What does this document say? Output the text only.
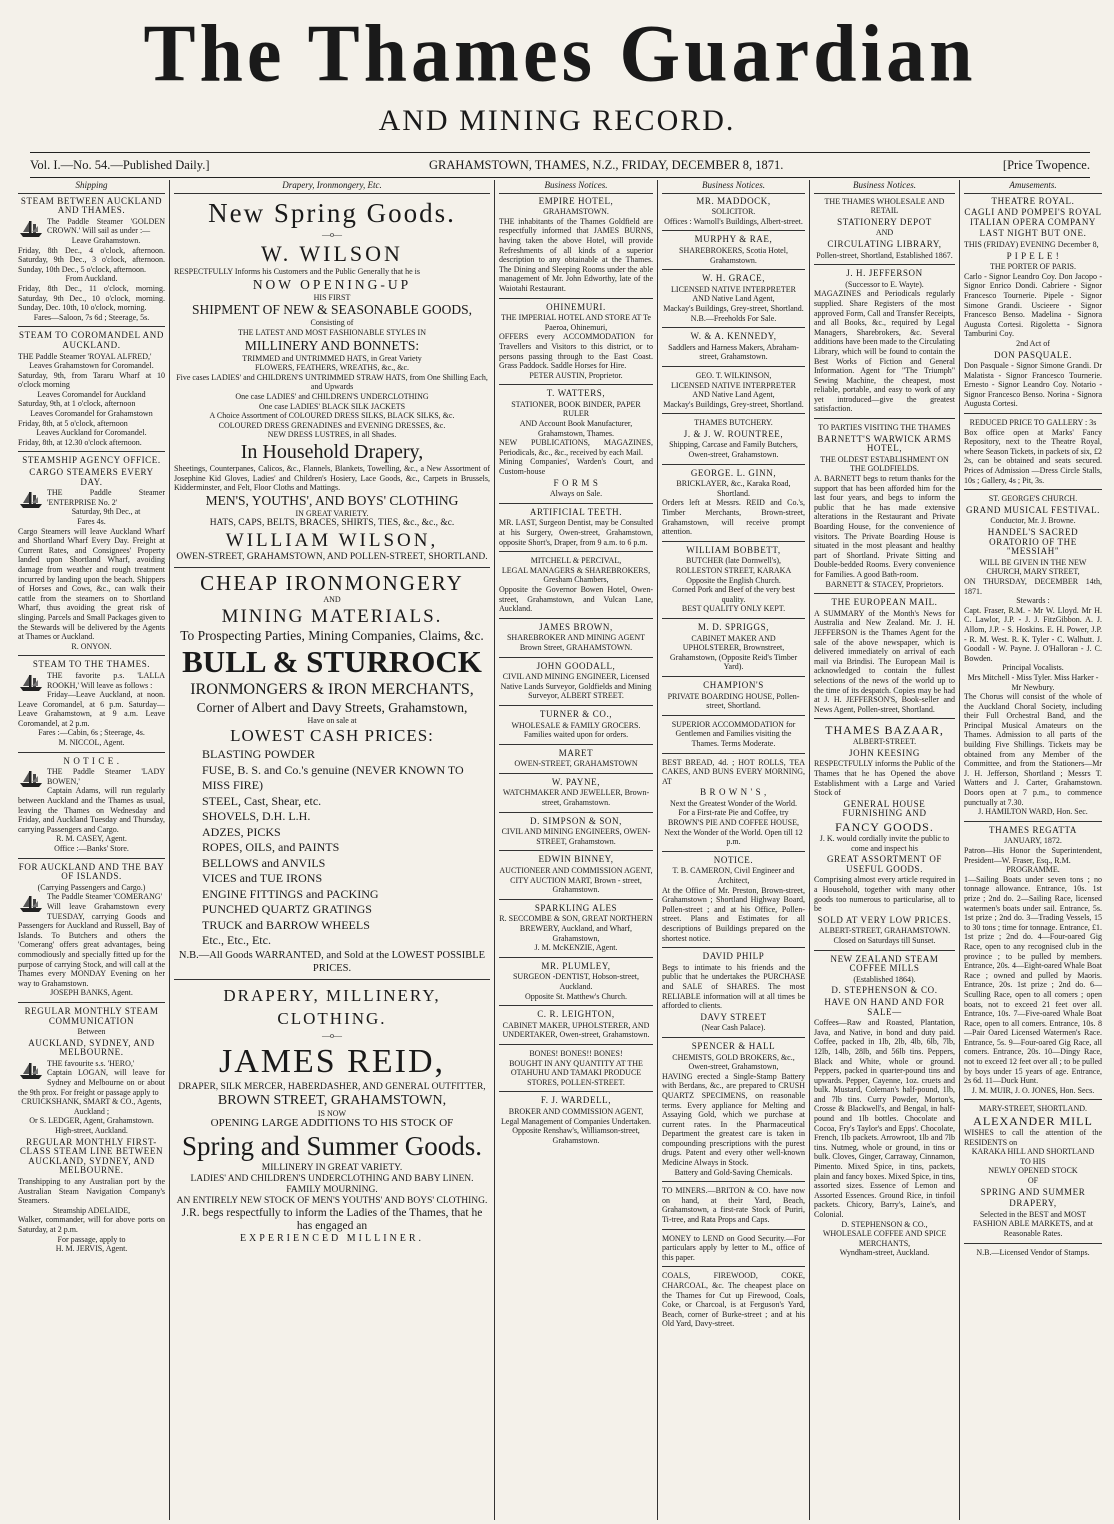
The Thames Guardian
AND MINING RECORD.
Vol. I.—No. 54.—Published Daily.]	GRAHAMSTOWN, THAMES, N.Z., FRIDAY, DECEMBER 8, 1871.	[Price Twopence.
Shipping
STEAM BETWEEN AUCKLAND AND THAMES.
The Paddle Steamer 'GOLDEN CROWN.' Will sail as under :—
Leave Grahamstown.
Friday, 8th Dec., 4 o'clock, afternoon. Saturday, 9th Dec., 3 o'clock, afternoon. Sunday, 10th Dec., 5 o'clock, afternoon.
From Auckland.
Friday, 8th Dec., 11 o'clock, morning. Saturday, 9th Dec., 10 o'clock, morning. Sunday, Dec. 10th, 10 o'clock, morning.
Fares—Saloon, 7s 6d ; Steerage, 5s.
STEAM TO COROMANDEL AND AUCKLAND.
THE Paddle Steamer 'ROYAL ALFRED,'
Leaves Grahamstown for Coromandel.
Saturday, 9th, from Tararu Wharf at 10 o'clock morning
Leaves Coromandel for Auckland
Saturday, 9th, at 1 o'clock, afternoon
Leaves Coromandel for Grahamstown
Friday, 8th, at 5 o'clock, afternoon
Leaves Auckland for Coromandel.
Friday, 8th, at 12.30 o'clock afternoon.
STEAMSHIP AGENCY OFFICE.
CARGO STEAMERS EVERY DAY.
THE Paddle Steamer 'ENTERPRISE No. 2'
Saturday, 9th Dec., at
Fares 4s.
Cargo Steamers will leave Auckland Wharf and Shortland Wharf Every Day. Freight at Current Rates, and Consignees' Property landed upon Shortland Wharf, avoiding damage from weather and rough treatment incurred by landing upon the beach. Shippers of Horses and Cows, &c., can walk their cattle from the steamers on to Shortland Wharf, thus avoiding the great risk of slinging. Parcels and Small Packages given to the Stewards will be delivered by the Agents at Thames or Auckland.
R. ONYON.
STEAM TO THE THAMES.
THE favorite p.s. 'LALLA ROOKH,' Will leave as follows :
Friday—Leave Auckland, at noon. Leave Coromandel, at 6 p.m. Saturday—Leave Grahamstown, at 9 a.m. Leave Coromandel, at 2 p.m.
Fares :—Cabin, 6s ; Steerage, 4s.
M. NICCOL, Agent.
N O T I C E .
THE Paddle Steamer 'LADY BOWEN,'
Captain Adams, will run regularly between Auckland and the Thames as usual, leaving the Thames on Wednesday and Friday, and Auckland Tuesday and Thursday, carrying Passengers and Cargo.
R. M. CASEY, Agent.
Office :—Banks' Store.
FOR AUCKLAND AND THE BAY OF ISLANDS.
(Carrying Passengers and Cargo.)
The Paddle Steamer 'COMERANG'
Will leave Grahamstown every TUESDAY, carrying Goods and Passengers for Auckland and Russell, Bay of Islands. To Butchers and others the 'Comerang' offers great advantages, being commodiously and specially fitted up for the purpose of carrying Stock, and will call at the Thames every MONDAY Evening on her way to Grahamstown.
JOSEPH BANKS, Agent.
REGULAR MONTHLY STEAM COMMUNICATION
Between
AUCKLAND, SYDNEY, AND MELBOURNE.
THE favourite s.s. 'HERO,'
Captain LOGAN, will leave for Sydney and Melbourne on or about the 9th prox. For freight or passage apply to
CRUICKSHANK, SMART & CO., Agents, Auckland ;
Or S. LEDGER, Agent, Grahamstown.
High-street, Auckland.
REGULAR MONTHLY FIRST-CLASS STEAM LINE BETWEEN AUCKLAND, SYDNEY, AND MELBOURNE.
Transhipping to any Australian port by the Australian Steam Navigation Company's Steamers.
Steamship ADELAIDE,
Walker, commander, will for above ports on Saturday, at 2 p.m.
For passage, apply to
H. M. JERVIS, Agent.
Drapery, Ironmongery, Etc.
New Spring Goods.
—o—
W. WILSON
RESPECTFULLY Informs his Customers and the Public Generally that he is
NOW OPENING-UP
HIS FIRST
SHIPMENT OF NEW & SEASONABLE GOODS,
Consisting of
THE LATEST AND MOST FASHIONABLE STYLES IN
MILLINERY AND BONNETS:
TRIMMED and UNTRIMMED HATS, in Great Variety
FLOWERS, FEATHERS, WREATHS, &c., &c.
Five cases LADIES' and CHILDREN'S UNTRIMMED STRAW HATS, from One Shilling Each, and Upwards
One case LADIES' and CHILDREN'S UNDERCLOTHING
One case LADIES' BLACK SILK JACKETS
A Choice Assortment of COLOURED DRESS SILKS, BLACK SILKS, &c.
COLOURED DRESS GRENADINES and EVENING DRESSES, &c.
NEW DRESS LUSTRES, in all Shades.
In Household Drapery,
Sheetings, Counterpanes, Calicos, &c., Flannels, Blankets, Towelling, &c., a New Assortment of Josephine Kid Gloves, Ladies' and Children's Hosiery, Lace Goods, &c., Carpets in Brussels, Kidderminster, and Felt, Floor Cloths and Mattings.
MEN'S, YOUTHS', AND BOYS' CLOTHING
IN GREAT VARIETY.
HATS, CAPS, BELTS, BRACES, SHIRTS, TIES, &c., &c., &c.
WILLIAM WILSON,
OWEN-STREET, GRAHAMSTOWN, AND POLLEN-STREET, SHORTLAND.
CHEAP IRONMONGERY
AND
MINING MATERIALS.
To Prospecting Parties, Mining Companies, Claims, &c.
BULL & STURROCK
IRONMONGERS & IRON MERCHANTS,
Corner of Albert and Davy Streets, Grahamstown,
Have on sale at
LOWEST CASH PRICES:
BLASTING POWDER
FUSE, B. S. and Co.'s genuine (NEVER KNOWN TO MISS FIRE)
STEEL, Cast, Shear, etc.
SHOVELS, D.H. L.H.
ADZES, PICKS
ROPES, OILS, and PAINTS
BELLOWS and ANVILS
VICES and TUE IRONS
ENGINE FITTINGS and PACKING
PUNCHED QUARTZ GRATINGS
TRUCK and BARROW WHEELS
Etc., Etc., Etc.
N.B.—All Goods WARRANTED, and Sold at the LOWEST POSSIBLE PRICES.
DRAPERY, MILLINERY, CLOTHING.
—o—
JAMES REID,
DRAPER, SILK MERCER, HABERDASHER, AND GENERAL OUTFITTER,
BROWN STREET, GRAHAMSTOWN,
IS NOW
OPENING LARGE ADDITIONS TO HIS STOCK OF
Spring and Summer Goods.
MILLINERY IN GREAT VARIETY.
LADIES' AND CHILDREN'S UNDERCLOTHING AND BABY LINEN.
FAMILY MOURNING.
AN ENTIRELY NEW STOCK OF MEN'S YOUTHS' AND BOYS' CLOTHING.
J.R. begs respectfully to inform the Ladies of the Thames, that he has engaged an
EXPERIENCED MILLINER.
Business Notices.
EMPIRE HOTEL,
GRAHAMSTOWN.
THE inhabitants of the Thames Goldfield are respectfully informed that JAMES BURNS, having taken the above Hotel, will provide Refreshments of all kinds of a superior description to any obtainable at the Thames. The Dining and Sleeping Rooms under the able management of Mr. John Edworthy, late of the Waiotahi Restaurant.
OHINEMURI.
THE IMPERIAL HOTEL AND STORE AT Te Paeroa, Ohinemuri,
OFFERS every ACCOMMODATION for Travellers and Visitors to this district, or to persons passing through to the East Coast. Grass Paddock. Saddle Horses for Hire.
PETER AUSTIN, Proprietor.
T. WATTERS,
STATIONER, BOOK BINDER, PAPER RULER
AND Account Book Manufacturer, Grahamstown, Thames.
NEW PUBLICATIONS, MAGAZINES, Periodicals, &c., &c., received by each Mail.
Mining Companies', Warden's Court, and Custom-house
F O R M S
Always on Sale.
ARTIFICIAL TEETH.
MR. LAST, Surgeon Dentist, may be Consulted at his Surgery, Owen-street, Grahamstown, opposite Short's, Draper, from 9 a.m. to 6 p.m.
MITCHELL & PERCIVAL,
LEGAL MANAGERS & SHAREBROKERS, Gresham Chambers,
Opposite the Governor Bowen Hotel, Owen-street, Grahamstown, and Vulcan Lane, Auckland.
JAMES BROWN,
SHAREBROKER AND MINING AGENT
Brown Street, GRAHAMSTOWN.
JOHN GOODALL,
CIVIL AND MINING ENGINEER, Licensed Native Lands Surveyor, Goldfields and Mining Surveyor, ALBERT STREET.
TURNER & CO.,
WHOLESALE & FAMILY GROCERS.
Families waited upon for orders.
MARET
OWEN-STREET, GRAHAMSTOWN
W. PAYNE,
WATCHMAKER AND JEWELLER, Brown-street, Grahamstown.
D. SIMPSON & SON,
CIVIL AND MINING ENGINEERS, OWEN-STREET, Grahamstown.
EDWIN BINNEY,
AUCTIONEER AND COMMISSION AGENT,
CITY AUCTION MART, Brown - street, Grahamstown.
SPARKLING ALES
R. SECCOMBE & SON, GREAT NORTHERN BREWERY, Auckland, and Wharf, Grahamstown,
J. M. McKENZIE, Agent.
MR. PLUMLEY,
SURGEON -DENTIST, Hobson-street, Auckland.
Opposite St. Matthew's Church.
C. R. LEIGHTON,
CABINET MAKER, UPHOLSTERER, AND UNDERTAKER, Owen-street, Grahamstown.
BONES! BONES!! BONES!
BOUGHT IN ANY QUANTITY AT THE OTAHUHU AND TAMAKI PRODUCE STORES, POLLEN-STREET.
F. J. WARDELL,
BROKER AND COMMISSION AGENT, Legal Management of Companies Undertaken.
Opposite Renshaw's, Williamson-street, Grahamstown.
Business Notices.
MR. MADDOCK,
SOLICITOR.
Offices : Warnoll's Buildings, Albert-street.
MURPHY & RAE,
SHAREBROKERS, Scotia Hotel, Grahamstown.
W. H. GRACE,
LICENSED NATIVE INTERPRETER AND Native Land Agent,
Mackay's Buildings, Grey-street, Shortland.
N.B.—Freeholds For Sale.
W. & A. KENNEDY,
Saddlers and Harness Makers, Abraham-street, Grahamstown.
GEO. T. WILKINSON,
LICENSED NATIVE INTERPRETER AND Native Land Agent,
Mackay's Buildings, Grey-street, Shortland.
THAMES BUTCHERY.
J. & J. W. ROUNTREE,
Shipping, Carcase and Family Butchers, Owen-street, Grahamstown.
GEORGE. L. GINN,
BRICKLAYER, &c., Karaka Road, Shortland.
Orders left at Messrs. REID and Co.'s, Timber Merchants, Brown-street, Grahamstown, will receive prompt attention.
WILLIAM BOBBETT,
BUTCHER (late Dornwell's),
ROLLESTON STREET, KARAKA Opposite the English Church.
Corned Pork and Beef of the very best quality.
BEST QUALITY ONLY KEPT.
M. D. SPRIGGS,
CABINET MAKER AND UPHOLSTERER, Brownstreet, Grahamstown, (Opposite Reid's Timber Yard).
CHAMPION'S
PRIVATE BOARDING HOUSE, Pollen-street, Shortland.
SUPERIOR ACCOMMODATION for Gentlemen and Families visiting the Thames. Terms Moderate.
BEST BREAD, 4d. ; HOT ROLLS, TEA CAKES, AND BUNS EVERY MORNING, AT
B R O W N ' S ,
Next the Greatest Wonder of the World.
For a First-rate Pie and Coffee, try BROWN'S PIE AND COFFEE HOUSE, Next the Wonder of the World. Open till 12 p.m.
NOTICE.
T. B. CAMERON, Civil Engineer and Architect,
At the Office of Mr. Preston, Brown-street, Grahamstown ; Shortland Highway Board, Pollen-street ; and at his Office, Pollen-street. Plans and Estimates for all descriptions of Buildings prepared on the shortest notice.
DAVID PHILP
Begs to intimate to his friends and the public that he undertakes the PURCHASE and SALE of SHARES. The most RELIABLE information will at all times be afforded to clients.
DAVY STREET
(Near Cash Palace).
SPENCER & HALL
CHEMISTS, GOLD BROKERS, &c., Owen-street, Grahamstown,
HAVING erected a Single-Stamp Battery with Berdans, &c., are prepared to CRUSH QUARTZ SPECIMENS, on reasonable terms. Every appliance for Melting and Assaying Gold, which we purchase at current rates. In the Pharmaceutical Department the greatest care is taken in compounding prescriptions with the purest drugs. Patent and every other well-known Medicine Always in Stock.
Battery and Gold-Saving Chemicals.
TO MINERS.—BRITON & CO. have now on hand, at their Yard, Beach, Grahamstown, a first-rate Stock of Puriri, Ti-tree, and Rata Props and Caps.
MONEY to LEND on Good Security.—For particulars apply by letter to M., office of this paper.
COALS, FIREWOOD, COKE, CHARCOAL, &c. The cheapest place on the Thames for Cut up Firewood, Coals, Coke, or Charcoal, is at Ferguson's Yard, Beach, corner of Burke-street ; and at his Old Yard, Davy-street.
Business Notices.
THE THAMES WHOLESALE AND RETAIL
STATIONERY DEPOT
AND
CIRCULATING LIBRARY,
Pollen-street, Shortland, Established 1867.
J. H. JEFFERSON
(Successor to E. Wayte).
MAGAZINES and Periodicals regularly supplied. Share Registers of the most approved Form, Call and Transfer Receipts, and all Books, &c., required by Legal Managers, Sharebrokers, &c. Several additions have been made to the Circulating Library, which will be found to contain the Best Works of Fiction and General Information. Agent for "The Triumph" Sewing Machine, the cheapest, most reliable, portable, and easy to work of any yet introduced—give the greatest satisfaction.
TO PARTIES VISITING THE THAMES
BARNETT'S WARWICK ARMS HOTEL,
THE OLDEST ESTABLISHMENT ON THE GOLDFIELDS.
A. BARNETT begs to return thanks for the support that has been afforded him for the last four years, and begs to inform the public that he has made extensive alterations in the Restaurant and Private Boarding House, for the convenience of visitors. The Private Boarding House is situated in the most pleasant and healthy part of Shortland. Private Sitting and Double-bedded Rooms. Every convenience for Families. A good Bath-room.
BARNETT & STACEY, Proprietors.
THE EUROPEAN MAIL.
A SUMMARY of the Month's News for Australia and New Zealand. Mr. J. H. JEFFERSON is the Thames Agent for the sale of the above newspaper, which is delivered immediately on arrival of each mail via Brindisi. The European Mail is acknowledged to contain the fullest selections of the news of the world up to the time of its despatch. Copies may be had at J. H. JEFFERSON'S, Book-seller and News Agent, Pollen-street, Shortland.
THAMES BAZAAR,
ALBERT-STREET.
JOHN KEESING
RESPECTFULLY informs the Public of the Thames that he has Opened the above Establishment with a Large and Varied Stock of
GENERAL HOUSE FURNISHING AND
FANCY GOODS.
J. K. would cordially invite the public to come and inspect his
GREAT ASSORTMENT OF USEFUL GOODS.
Comprising almost every article required in a Household, together with many other goods too numerous to particularise, all to be
SOLD AT VERY LOW PRICES.
ALBERT-STREET, GRAHAMSTOWN.
Closed on Saturdays till Sunset.
NEW ZEALAND STEAM COFFEE MILLS
(Established 1864).
D. STEPHENSON & CO.
HAVE ON HAND AND FOR SALE—
Coffees—Raw and Roasted, Plantation, Java, and Native, in bond and duty paid. Coffee, packed in 1lb, 2lb, 4lb, 6lb, 7lb, 12lb, 14lb, 28lb, and 56lb tins. Peppers, Black and White, whole or ground. Peppers, packed in quarter-pound tins and upwards. Pepper, Cayenne, 1oz. cruets and bulk. Mustard, Coleman's half-pound, 1lb, and 7lb tins. Curry Powder, Morton's, Crosse & Blackwell's, and Bengal, in half-pound and 1lb bottles. Chocolate and Cocoa, Fry's Taylor's and Epps'. Chocolate, French, 1lb packets. Arrowroot, 1lb and 7lb tins. Nutmeg, whole or ground, in tins or bulk. Cloves, Ginger, Carraway, Cinnamon, Pimento. Mixed Spice, in tins, packets, plain and fancy boxes. Mixed Spice, in tins, assorted sizes. Essence of Lemon and Assorted Essences. Ground Rice, in tinfoil packets. Chicory, Barry's, Laine's, and Colonial.
D. STEPHENSON & CO.,
WHOLESALE COFFEE AND SPICE MERCHANTS,
Wyndham-street, Auckland.
Amusements.
THEATRE ROYAL.
CAGLI AND POMPEI'S ROYAL ITALIAN OPERA COMPANY
LAST NIGHT BUT ONE.
THIS (FRIDAY) EVENING December 8,
P I P E L E !
THE PORTER OF PARIS.
Carlo - Signor Leandro Coy. Don Jacopo - Signor Enrico Dondi. Cabriere - Signor Francesco Tournerie. Pipele - Signor Simone Grandi. Uscieere - Signor Francesco Benso. Madelina - Signora Augusta Cortesi. Rigoletta - Signora Tamburini Coy.
2nd Act of
DON PASQUALE.
Don Pasquale - Signor Simone Grandi. Dr Malatista - Signor Francesco Tournerie. Ernesto - Signor Leandro Coy. Notario - Signor Francesco Benso. Norina - Signora Augusta Cortesi.
REDUCED PRICE TO GALLERY : 3s
Box office open at Marks' Fancy Repository, next to the Theatre Royal, where Season Tickets, in packets of six, £2 2s, can be obtained and seats secured. Prices of Admission —Dress Circle Stalls, 10s ; Gallery, 4s ; Pit, 3s.
ST. GEORGE'S CHURCH.
GRAND MUSICAL FESTIVAL.
Conductor, Mr. J. Browne.
HANDEL'S SACRED ORATORIO OF THE "MESSIAH"
WILL BE GIVEN IN THE NEW CHURCH, MARY STREET,
ON THURSDAY, DECEMBER 14th, 1871.
Stewards :
Capt. Fraser, R.M. - Mr W. Lloyd. Mr H. C. Lawlor, J.P. - J. J. FitzGibbon. A. J. Allom, J.P. - S. Hoskins. E. H. Power, J.P. - R. M. West. R. K. Tyler - C. Walhutt. J. Goodall - W. Payne. J. O'Halloran - J. C. Bowden.
Principal Vocalists.
Mrs Mitchell - Miss Tyler. Miss Harker - Mr Newbury.
The Chorus will consist of the whole of the Auckland Choral Society, including their Full Orchestral Band, and the Principal Musical Amateurs on the Thames. Admission to all parts of the building Five Shillings. Tickets may be obtained from any Member of the Committee, and from the Stationers—Mr J. H. Jefferson, Shortland ; Messrs T. Watters and J. Carter, Grahamstown. Doors open at 7 p.m., to commence punctually at 7.30.
J. HAMILTON WARD, Hon. Sec.
THAMES REGATTA
JANUARY, 1872.
Patron—His Honor the Superintendent, President—W. Fraser, Esq., R.M.
PROGRAMME.
1—Sailing Boats under seven tons ; no tonnage allowance. Entrance, 10s. 1st prize ; 2nd do. 2—Sailing Race, licensed watermen's boats under sail. Entrance, 5s. 1st prize ; 2nd do. 3—Trading Vessels, 15 to 30 tons ; time for tonnage. Entrance, £1. 1st prize ; 2nd do. 4—Four-oared Gig Race, open to any recognised club in the province ; to be pulled by members. Entrance, 20s. 4—Eight-oared Whale Boat Race ; owned and pulled by Maoris. Entrance, 20s. 1st prize ; 2nd do. 6—Sculling Race, open to all comers ; open boats, not to exceed 21 feet over all. Entrance, 10s. 7—Five-oared Whale Boat Race, open to all comers. Entrance, 10s. 8—Pair Oared Licensed Watermen's Race. Entrance, 5s. 9—Four-oared Gig Race, all comers. Entrance, 20s. 10—Dingy Race, not to exceed 12 feet over all ; to be pulled by boys under 15 years of age. Entrance, 2s 6d. 11—Duck Hunt.
J. M. MUIR, J. O. JONES, Hon. Secs.
MARY-STREET, SHORTLAND.
ALEXANDER MILL
WISHES to call the attention of the RESIDENTS on
KARAKA HILL AND SHORTLAND
TO HIS
NEWLY OPENED STOCK
OF
SPRING AND SUMMER
DRAPERY,
Selected in the BEST and MOST FASHION ABLE MARKETS, and at Reasonable Rates.
N.B.—Licensed Vendor of Stamps.
